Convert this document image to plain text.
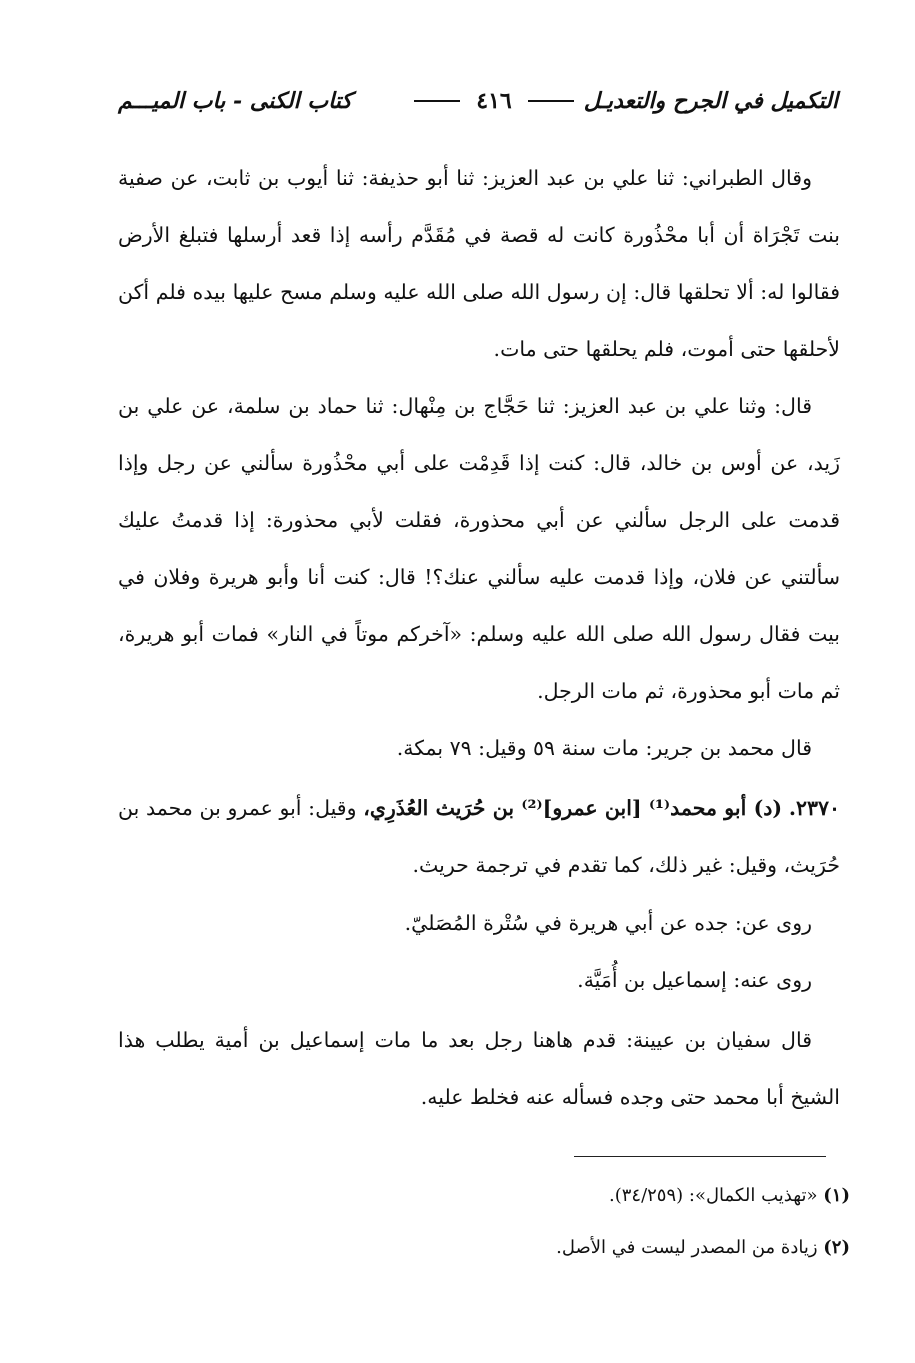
التكميل في الجرح والتعديـل
٤١٦
كتاب الكنى - باب الميـــم

وقال الطبراني: ثنا علي بن عبد العزيز: ثنا أبو حذيفة: ثنا أيوب بن ثابت، عن صفية بنت تَجْرَاة أن أبا محْذُورة كانت له قصة في مُقَدَّم رأسه إذا قعد أرسلها فتبلغ الأرض فقالوا له: ألا تحلقها قال: إن رسول الله صلى الله عليه وسلم مسح عليها بيده فلم أكن لأحلقها حتى أموت، فلم يحلقها حتى مات.

قال: وثنا علي بن عبد العزيز: ثنا حَجَّاج بن مِنْهال: ثنا حماد بن سلمة، عن علي بن زَيد، عن أوس بن خالد، قال: كنت إذا قَدِمْت على أبي محْذُورة سألني عن رجل وإذا قدمت على الرجل سألني عن أبي محذورة، فقلت لأبي محذورة: إذا قدمتُ عليك سألتني عن فلان، وإذا قدمت عليه سألني عنك؟! قال: كنت أنا وأبو هريرة وفلان في بيت فقال رسول الله صلى الله عليه وسلم: «آخركم موتاً في النار» فمات أبو هريرة، ثم مات أبو محذورة، ثم مات الرجل.

قال محمد بن جرير: مات سنة ٥٩ وقيل: ٧٩ بمكة.

٢٣٧٠. (د) أبو محمد⁽¹⁾ [ابن عمرو]⁽²⁾ بن حُرَيث العُذَرِي، وقيل: أبو عمرو بن محمد بن حُرَيث، وقيل: غير ذلك، كما تقدم في ترجمة حريث.

روى عن: جده عن أبي هريرة في سُتْرة المُصَليّ.

روى عنه: إسماعيل بن أُمَيَّة.

قال سفيان بن عيينة: قدم هاهنا رجل بعد ما مات إسماعيل بن أمية يطلب هذا الشيخ أبا محمد حتى وجده فسأله عنه فخلط عليه.

(١) «تهذيب الكمال»: (٣٤/٢٥٩).

(٢) زيادة من المصدر ليست في الأصل.
